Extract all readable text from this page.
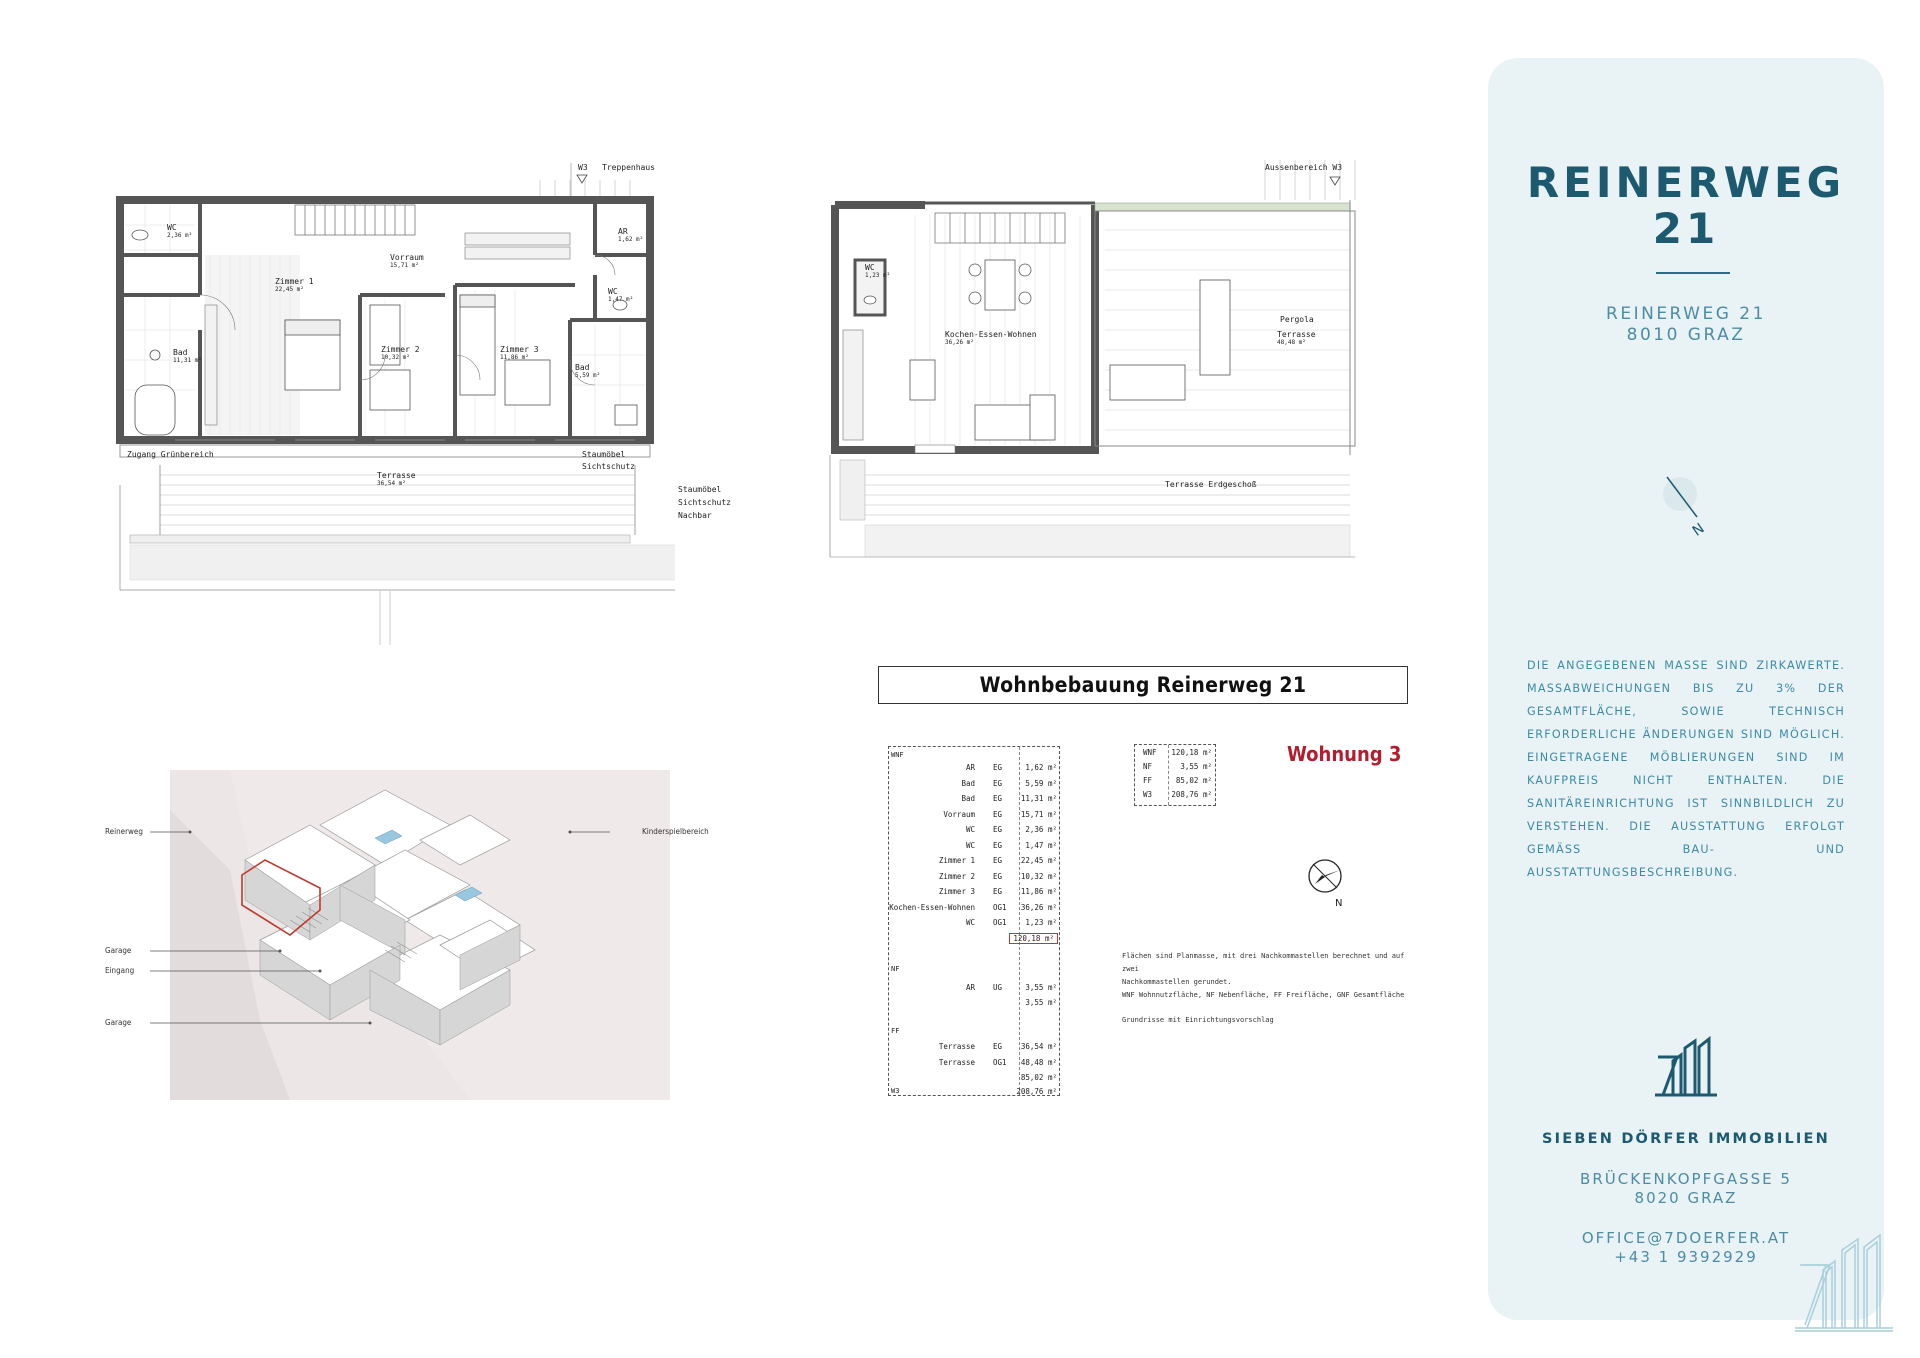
W3 Treppenhaus
WC
2,36 m²	AR
1,62 m²
Vorraum
15,71 m²
Zimmer 1
22,45 m²	WC
1,47 m²
Bad
11,31 m²
Zimmer 2
10,32 m²
Zimmer 3
11,86 m²
Bad
5,59 m²
Zugang Grünbereich	Staumöbel
Sichtschutz
Terrasse
36,54 m²
Staumöbel
Sichtschutz
Nachbar
Aussenbereich W3
WC
1,23 m²
Kochen-Essen-Wohnen
36,26 m²
Pergola
Terrasse
48,48 m²
Terrasse Erdgeschoß
Wohnbebauung Reinerweg 21
WNF
AR EG	1,62 m²
Bad EG	5,59 m²
Bad EG	11,31 m²
Vorraum EG	15,71 m²
WC EG	2,36 m²
WC EG	1,47 m²
Zimmer 1 EG	22,45 m²
Zimmer 2 EG	10,32 m²
Zimmer 3 EG	11,86 m²
Kochen-Essen-Wohnen OG1 36,26 m²
WC OG1	1,23 m²
120,18 m²
NF
AR UG	3,55 m²
3,55 m²
FF
Terrasse EG	36,54 m²
Terrasse OG1 48,48 m²
85,02 m²
W3	208,76 m²
WNF 120,18 m²
NF	3,55 m²
FF	85,02 m²
W3	208,76 m²
Wohnung 3
N
Flächen sind Planmasse, mit drei Nachkommastellen berechnet und auf zwei
Nachkommastellen gerundet.
WNF Wohnnutzfläche, NF Nebenfläche, FF Freifläche, GNF Gesamtfläche
Grundrisse mit Einrichtungsvorschlag
Reinerweg	Kinderspielbereich
Garage
Eingang
Garage
REINERWEG
21
REINERWEG 21
8010 GRAZ
N
DIE ANGEGEBENEN MASSE SIND ZIRKAWERTE. MASSABWEICHUNGEN BIS ZU 3% DER GESAMTFLÄCHE, SOWIE TECHNISCH ERFORDERLICHE ÄNDERUNGEN SIND MÖGLICH. EINGETRAGENE MÖBLIERUNGEN SIND IM KAUFPREIS NICHT ENTHALTEN. DIE SANITÄREINRICHTUNG IST SINNBILDLICH ZU VERSTEHEN. DIE AUSSTATTUNG ERFOLGT GEMÄSS BAU- UND AUSSTATTUNGSBESCHREIBUNG.
SIEBEN DÖRFER IMMOBILIEN
BRÜCKENKOPFGASSE 5
8020 GRAZ
OFFICE@7DOERFER.AT
+43 1 9392929
